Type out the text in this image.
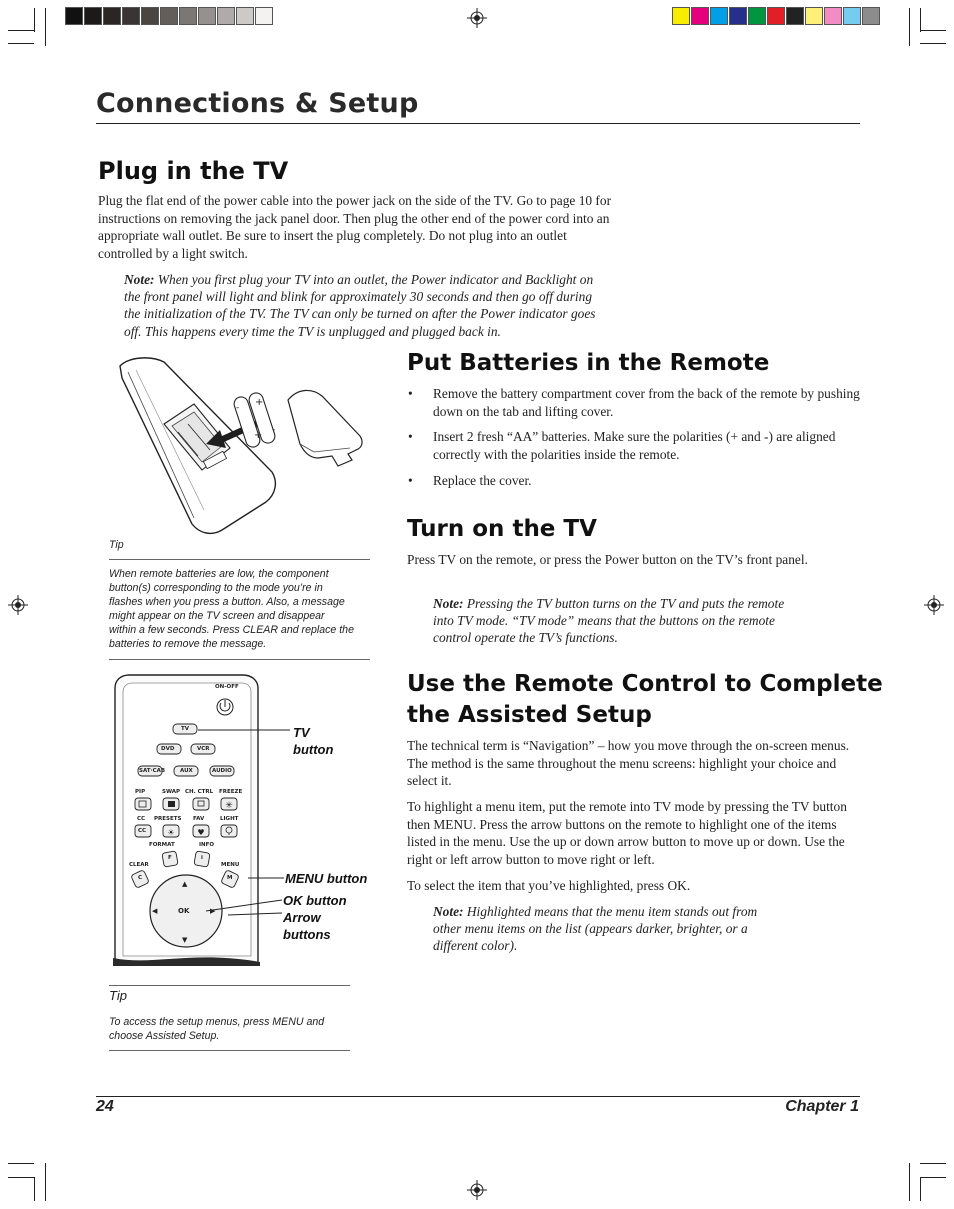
Connections & Setup
Plug in the TV
Plug the flat end of the power cable into the power jack on the side of the TV. Go to page 10 for
instructions on removing the jack panel door. Then plug the other end of the power cord into an
appropriate wall outlet. Be sure to insert the plug completely. Do not plug into an outlet
controlled by a light switch.
Note: When you first plug your TV into an outlet, the Power indicator and Backlight on
the front panel will light and blink for approximately 30 seconds and then go off during
the initialization of the TV. The TV can only be turned on after the Power indicator goes
off. This happens every time the TV is unplugged and plugged back in.
- +
+ -
Tip
When remote batteries are low, the component
button(s) corresponding to the mode you’re in
flashes when you press a button. Also, a message
might appear on the TV screen and disappear
within a few seconds. Press CLEAR and replace the
batteries to remove the message.
Put Batteries in the Remote
• Remove the battery compartment cover from the back of the remote by pushing down on the tab and lifting cover.
• Insert 2 fresh “AA” batteries. Make sure the polarities (+ and -) are aligned correctly with the polarities inside the remote.
• Replace the cover.
Turn on the TV
Press TV on the remote, or press the Power button on the TV’s front panel.
Note: Pressing the TV button turns on the TV and puts the remote
into TV mode. “TV mode” means that the buttons on the remote
control operate the TV’s functions.
Use the Remote Control to Complete
the Assisted Setup
The technical term is “Navigation” – how you move through the on-screen menus. The method is the same throughout the menu screens: highlight your choice and select it.
To highlight a menu item, put the remote into TV mode by pressing the TV button then MENU. Press the arrow buttons on the remote to highlight one of the items listed in the menu. Use the up or down arrow button to move up or down. Use the right or left arrow button to move right or left.
To select the item that you’ve highlighted, press OK.
Note: Highlighted means that the menu item stands out from
other menu items on the list (appears darker, brighter, or a
different color).
✳
☀	♥
ON-OFF
TV
DVD	VCR
SAT·CAB	AUX	AUDIO
PIP	SWAP CH. CTRL FREEZE
CC PRESETS FAV	LIGHT
CC
FORMAT	INFO
F	i
CLEAR	MENU
C	M
OK
▲
▼
◀	▶
TV
button
MENU button
OK button
Arrow
buttons
Tip
To access the setup menus, press MENU and
choose Assisted Setup.
24	Chapter 1
